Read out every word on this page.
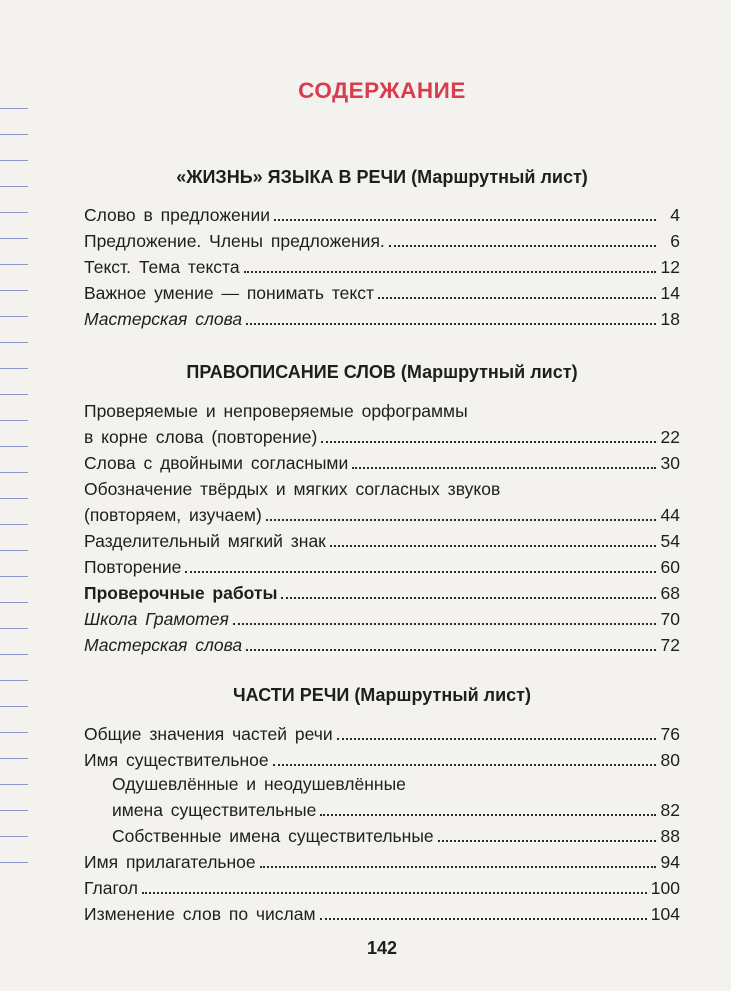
СОДЕРЖАНИЕ
«ЖИЗНЬ» ЯЗЫКА В РЕЧИ (Маршрутный лист)
Слово в предложении	4
Предложение. Члены предложения.	6
Текст. Тема текста	12
Важное умение — понимать текст	14
Мастерская слова	18
ПРАВОПИСАНИЕ СЛОВ (Маршрутный лист)
Проверяемые и непроверяемые орфограммы
в корне слова (повторение)	22
Слова с двойными согласными	30
Обозначение твёрдых и мягких согласных звуков
(повторяем, изучаем)	44
Разделительный мягкий знак	54
Повторение	60
Проверочные работы	68
Школа Грамотея	70
Мастерская слова	72
ЧАСТИ РЕЧИ (Маршрутный лист)
Общие значения частей речи	76
Имя существительное	80
Одушевлённые и неодушевлённые
имена существительные	82
Собственные имена существительные	88
Имя прилагательное	94
Глагол	100
Изменение слов по числам	104
142
